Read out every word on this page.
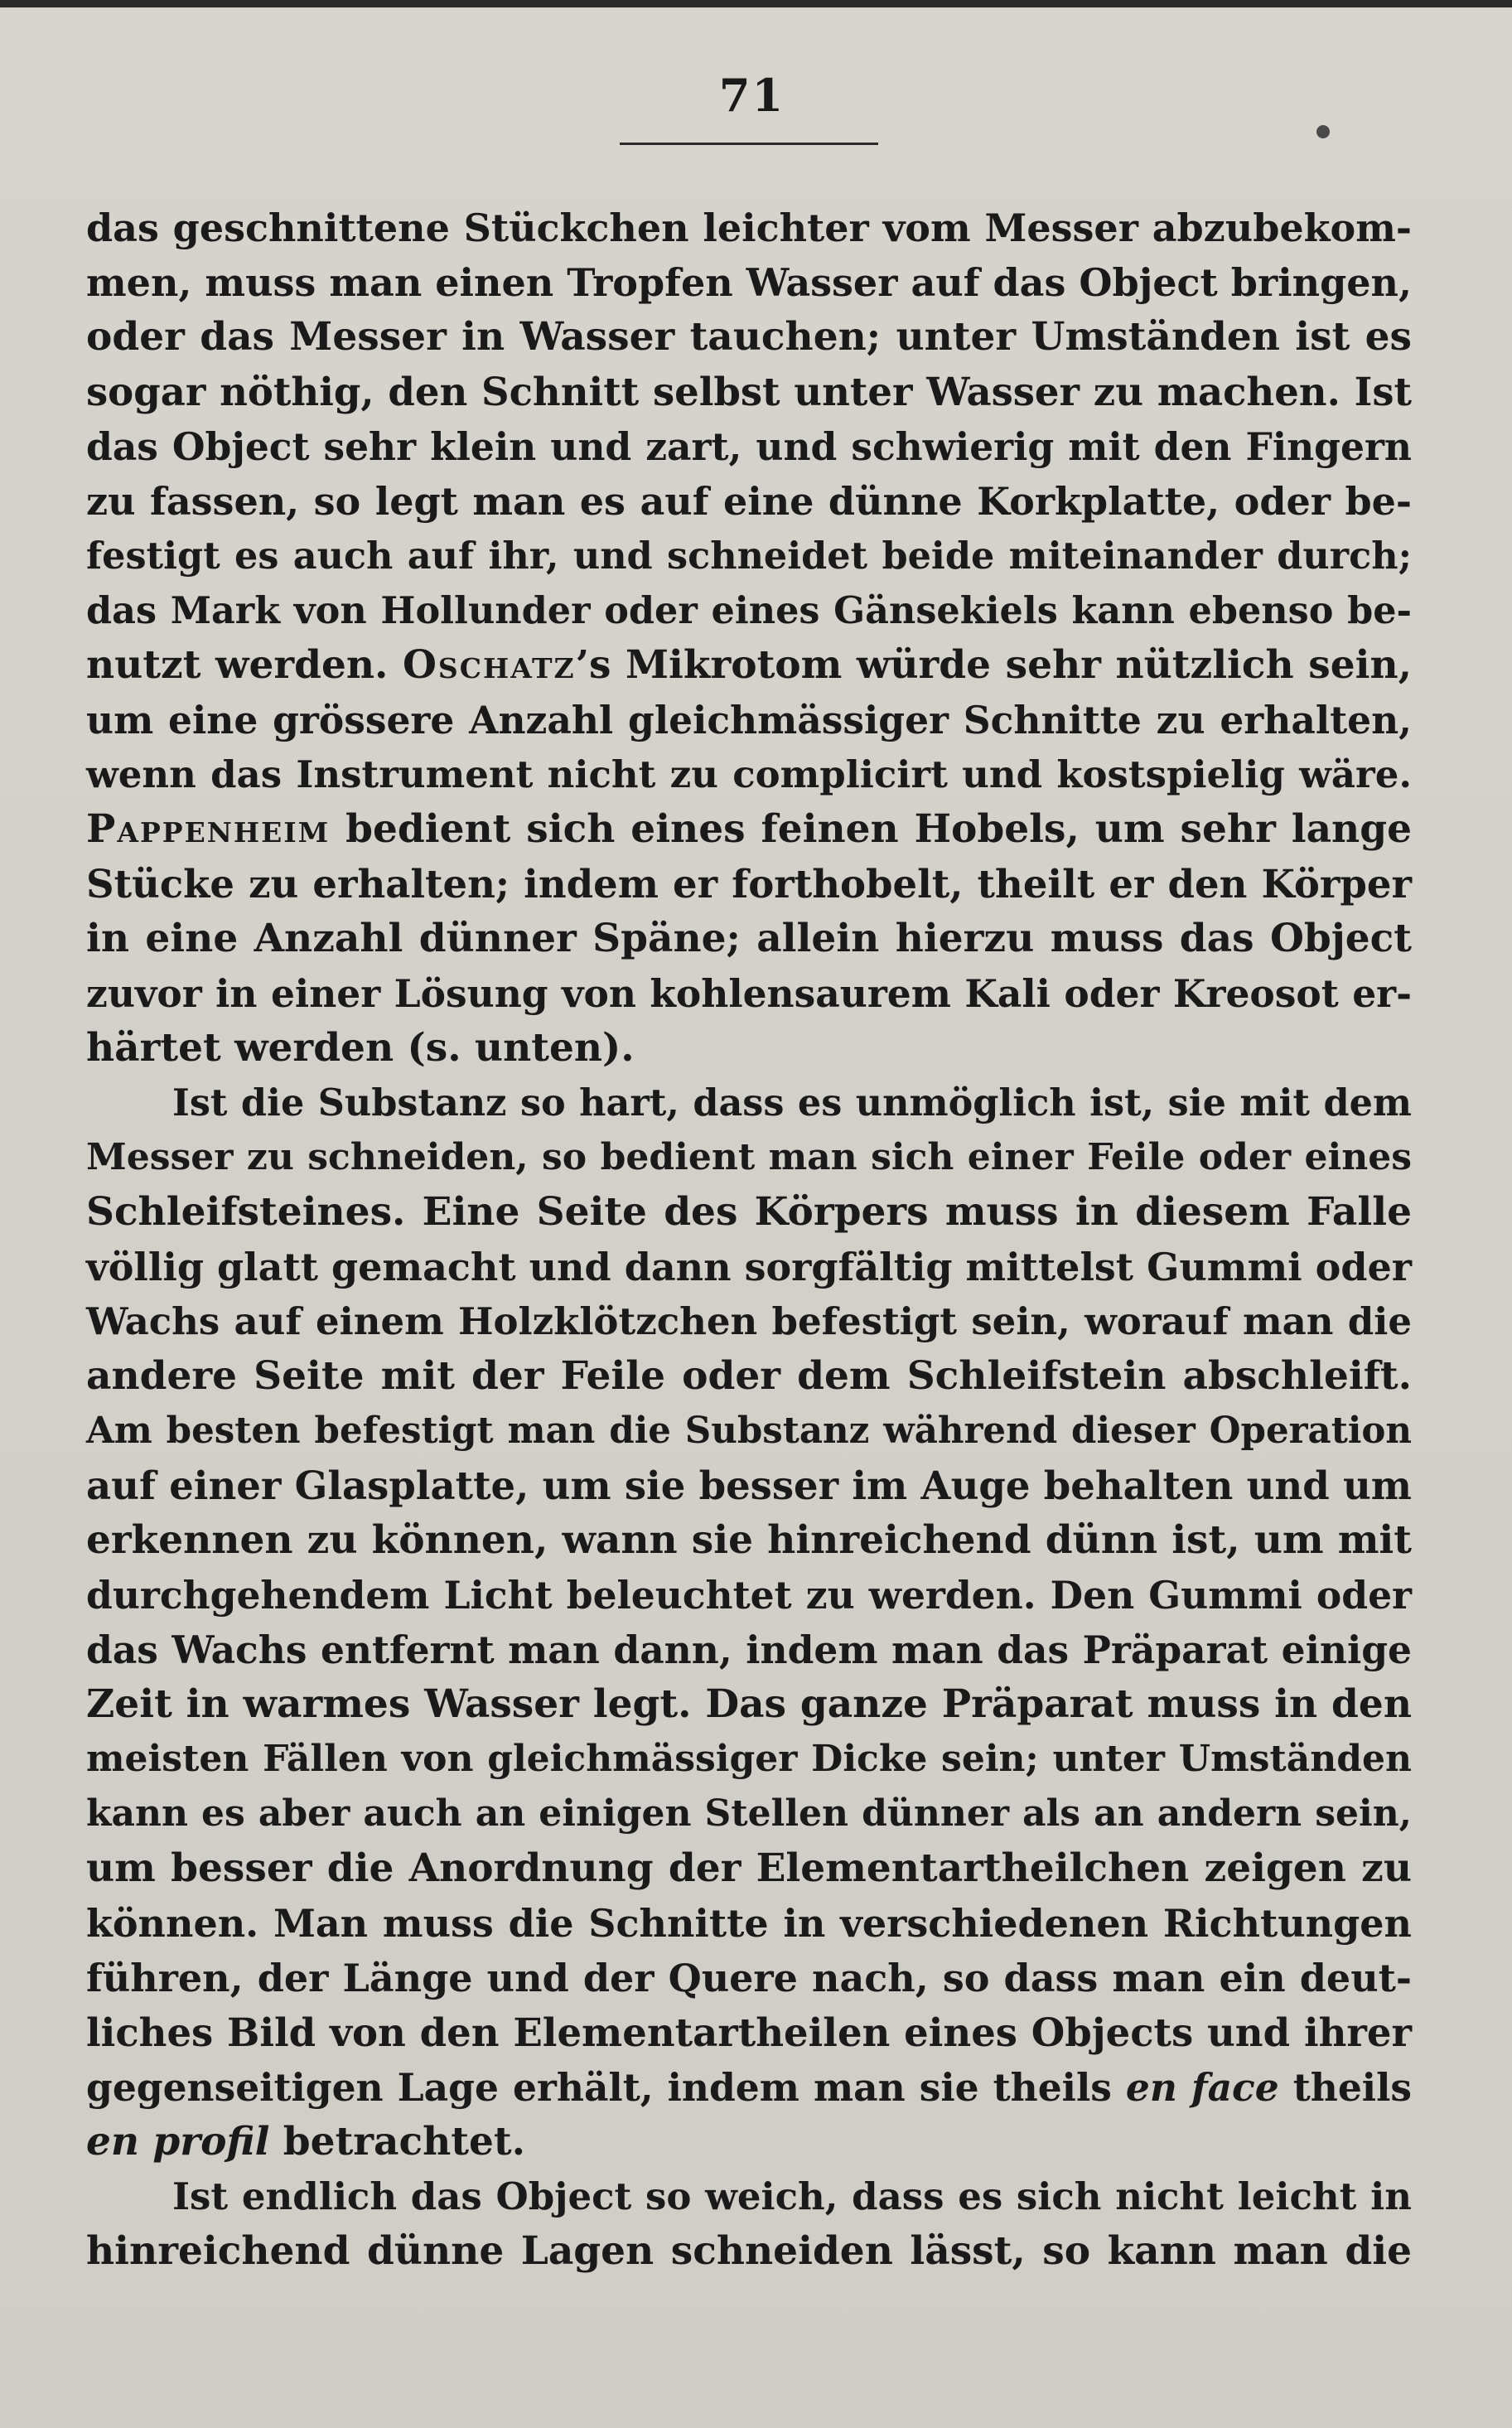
71
das geschnittene Stückchen leichter vom Messer abzubekom-
men, muss man einen Tropfen Wasser auf das Object bringen,
oder das Messer in Wasser tauchen; unter Umständen ist es
sogar nöthig, den Schnitt selbst unter Wasser zu machen. Ist
das Object sehr klein und zart, und schwierig mit den Fingern
zu fassen, so legt man es auf eine dünne Korkplatte, oder be-
festigt es auch auf ihr, und schneidet beide miteinander durch;
das Mark von Hollunder oder eines Gänsekiels kann ebenso be-
nutzt werden. Oschatz’s Mikrotom würde sehr nützlich sein,
um eine grössere Anzahl gleichmässiger Schnitte zu erhalten,
wenn das Instrument nicht zu complicirt und kostspielig wäre.
Pappenheim bedient sich eines feinen Hobels, um sehr lange
Stücke zu erhalten; indem er forthobelt, theilt er den Körper
in eine Anzahl dünner Späne; allein hierzu muss das Object
zuvor in einer Lösung von kohlensaurem Kali oder Kreosot er-
härtet werden (s. unten).
Ist die Substanz so hart, dass es unmöglich ist, sie mit dem
Messer zu schneiden, so bedient man sich einer Feile oder eines
Schleifsteines. Eine Seite des Körpers muss in diesem Falle
völlig glatt gemacht und dann sorgfältig mittelst Gummi oder
Wachs auf einem Holzklötzchen befestigt sein, worauf man die
andere Seite mit der Feile oder dem Schleifstein abschleift.
Am besten befestigt man die Substanz während dieser Operation
auf einer Glasplatte, um sie besser im Auge behalten und um
erkennen zu können, wann sie hinreichend dünn ist, um mit
durchgehendem Licht beleuchtet zu werden. Den Gummi oder
das Wachs entfernt man dann, indem man das Präparat einige
Zeit in warmes Wasser legt. Das ganze Präparat muss in den
meisten Fällen von gleichmässiger Dicke sein; unter Umständen
kann es aber auch an einigen Stellen dünner als an andern sein,
um besser die Anordnung der Elementartheilchen zeigen zu
können. Man muss die Schnitte in verschiedenen Richtungen
führen, der Länge und der Quere nach, so dass man ein deut-
liches Bild von den Elementartheilen eines Objects und ihrer
gegenseitigen Lage erhält, indem man sie theils en face theils
en profil betrachtet.
Ist endlich das Object so weich, dass es sich nicht leicht in
hinreichend dünne Lagen schneiden lässt, so kann man die
